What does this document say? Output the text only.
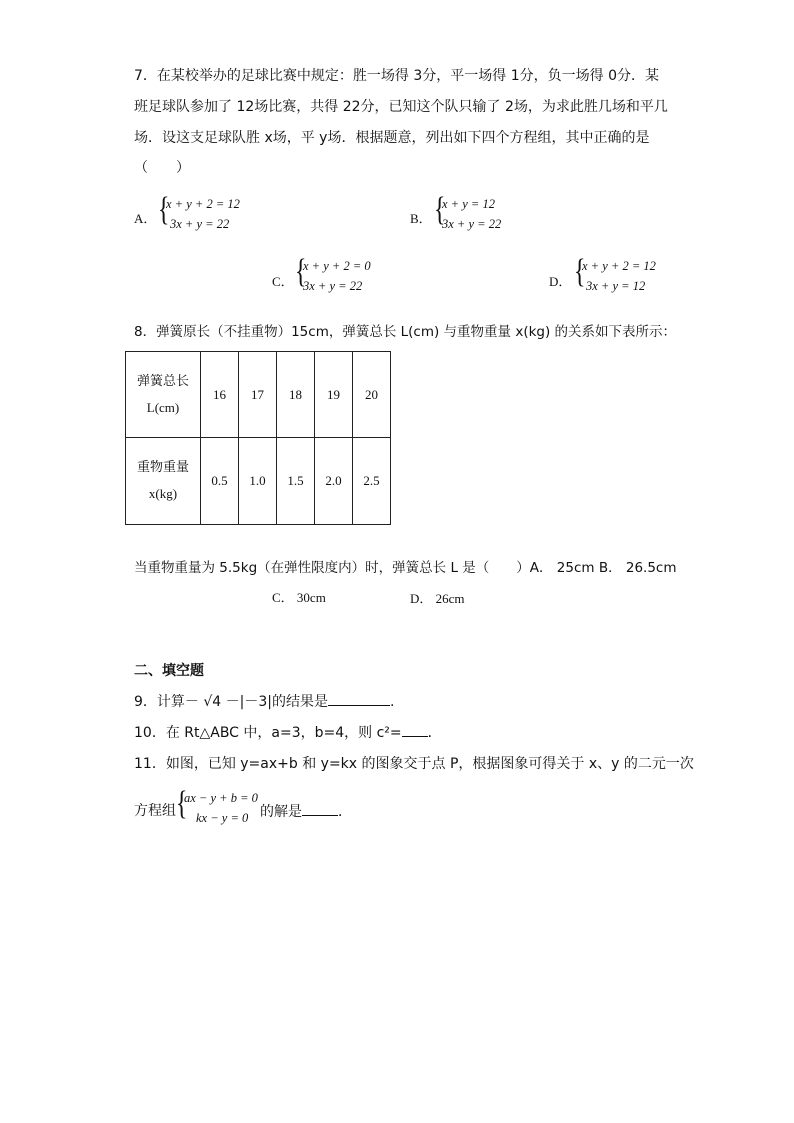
7．在某校举办的足球比赛中规定：胜一场得 3分，平一场得 1分，负一场得 0分．某
班足球队参加了 12场比赛，共得 22分，已知这个队只输了 2场，为求此胜几场和平几
场．设这支足球队胜 x场，平 y场．根据题意，列出如下四个方程组，其中正确的是
（　　）
A． {
x + y + 2 = 12
3x + y = 22	B． {
x + y = 12
3x + y = 22
C． {
x + y + 2 = 0
3x + y = 22	D． {
x + y + 2 = 12
3x + y = 12
8．弹簧原长（不挂重物）15cm，弹簧总长 L(cm) 与重物重量 x(kg) 的关系如下表所示：
弹簧总长
L(cm)	16	17	18	19	20

重物重量
x(kg)	0.5	1.0	1.5	2.0	2.5
当重物重量为 5.5kg（在弹性限度内）时，弹簧总长 L 是（　　）A． 25cm B． 26.5cm
C． 30cm	D． 26cm
二、填空题
9．计算－ √4 －|－3|的结果是	.
10．在 Rt△ABC 中，a=3，b=4，则 c²= ．
11．如图，已知 y=ax+b 和 y=kx 的图象交于点 P，根据图象可得关于 x、y 的二元一次
方程组 {
ax − y + b = 0
kx − y = 0 的解是	．
